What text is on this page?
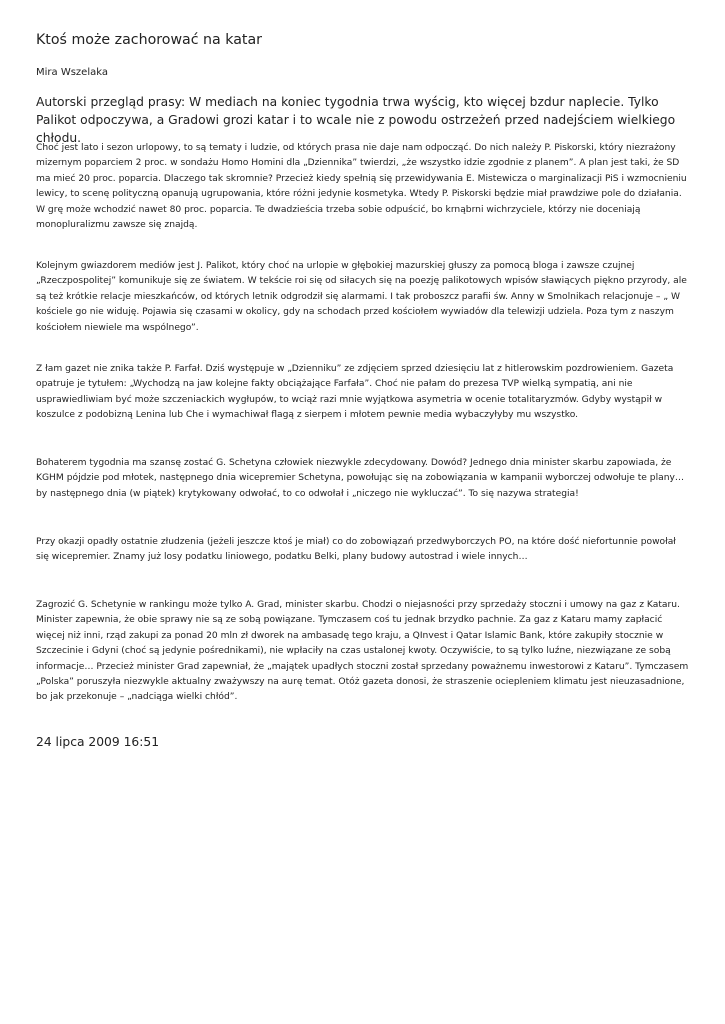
Ktoś może zachorować na katar
Mira Wszelaka

Autorski przegląd prasy: W mediach na koniec tygodnia trwa wyścig, kto więcej bzdur naplecie. Tylko Palikot odpoczywa, a Gradowi grozi katar i to wcale nie z powodu ostrzeżeń przed nadejściem wielkiego chłodu.

Choć jest lato i sezon urlopowy, to są tematy i ludzie, od których prasa nie daje nam odpocząć. Do nich należy P. Piskorski, który niezrażony mizernym poparciem 2 proc. w sondażu Homo Homini dla „Dziennika” twierdzi, „że wszystko idzie zgodnie z planem”. A plan jest taki, że SD ma mieć 20 proc. poparcia. Dlaczego tak skromnie? Przecież kiedy spełnią się przewidywania E. Mistewicza o marginalizacji PiS i wzmocnieniu lewicy, to scenę polityczną opanują ugrupowania, które różni jedynie kosmetyka. Wtedy P. Piskorski będzie miał prawdziwe pole do działania. W grę może wchodzić nawet 80 proc. poparcia. Te dwadzieścia trzeba sobie odpuścić, bo krnąbrni wichrzyciele, którzy nie doceniają monopluralizmu zawsze się znajdą.

Kolejnym gwiazdorem mediów jest J. Palikot, który choć na urlopie w głębokiej mazurskiej głuszy za pomocą bloga i zawsze czujnej „Rzeczpospolitej” komunikuje się ze światem. W tekście roi się od siłacych się na poezję palikotowych wpisów sławiących piękno przyrody, ale są też krótkie relacje mieszkańców, od których letnik odgrodził się alarmami. I tak proboszcz parafii św. Anny w Smolnikach relacjonuje – „ W kościele go nie widuję. Pojawia się czasami w okolicy, gdy na schodach przed kościołem wywiadów dla telewizji udziela. Poza tym z naszym kościołem niewiele ma wspólnego”.

Z łam gazet nie znika także P. Farfał. Dziś występuje w „Dzienniku” ze zdjęciem sprzed dziesięciu lat z hitlerowskim pozdrowieniem. Gazeta opatruje je tytułem: „Wychodzą na jaw kolejne fakty obciążające Farfała”. Choć nie pałam do prezesa TVP wielką sympatią, ani nie usprawiedliwiam być może szczeniackich wygłupów, to wciąż razi mnie wyjątkowa asymetria w ocenie totalitaryzmów. Gdyby wystąpił w koszulce z podobizną Lenina lub Che i wymachiwał flagą z sierpem i młotem pewnie media wybaczyłyby mu wszystko.

Bohaterem tygodnia ma szansę zostać G. Schetyna człowiek niezwykle zdecydowany. Dowód? Jednego dnia minister skarbu zapowiada, że KGHM pójdzie pod młotek, następnego dnia wicepremier Schetyna, powołując się na zobowiązania w kampanii wyborczej odwołuje te plany… by następnego dnia (w piątek) krytykowany odwołać, to co odwołał i „niczego nie wykluczać”. To się nazywa strategia!

Przy okazji opadły ostatnie złudzenia (jeżeli jeszcze ktoś je miał) co do zobowiązań przedwyborczych PO, na które dość niefortunnie powołał się wicepremier. Znamy już losy podatku liniowego, podatku Belki, plany budowy autostrad i wiele innych…

Zagrozić G. Schetynie w rankingu może tylko A. Grad, minister skarbu. Chodzi o niejasności przy sprzedaży stoczni i umowy na gaz z Kataru. Minister zapewnia, że obie sprawy nie są ze sobą powiązane. Tymczasem coś tu jednak brzydko pachnie. Za gaz z Kataru mamy zapłacić więcej niż inni, rząd zakupi za ponad 20 mln zł dworek na ambasadę tego kraju, a QInvest i Qatar Islamic Bank, które zakupiły stocznie w Szczecinie i Gdyni (choć są jedynie pośrednikami), nie wpłaciły na czas ustalonej kwoty. Oczywiście, to są tylko luźne, niezwiązane ze sobą informacje… Przecież minister Grad zapewniał, że „majątek upadłych stoczni został sprzedany poważnemu inwestorowi z Kataru”. Tymczasem „Polska” poruszyła niezwykle aktualny zważywszy na aurę temat. Otóż gazeta donosi, że straszenie ociepleniem klimatu jest nieuzasadnione, bo jak przekonuje – „nadciąga wielki chłód”.

24 lipca 2009 16:51
